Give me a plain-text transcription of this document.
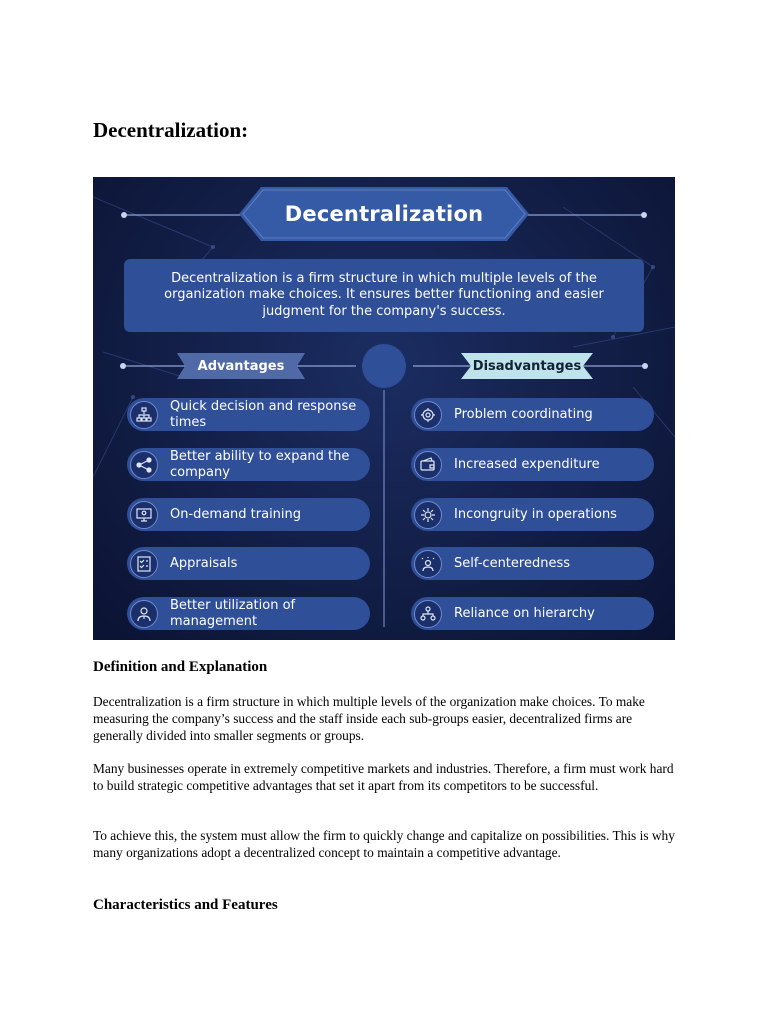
Decentralization:
Decentralization
Decentralization is a firm structure in which multiple levels of the organization make choices. It ensures better functioning and easier judgment for the company's success.
Advantages	Disadvantages
Quick decision and response times
Better ability to expand the company
On-demand training
Appraisals
Better utilization of management
Problem coordinating
Increased expenditure
Incongruity in operations
Self-centeredness
Reliance on hierarchy
Definition and Explanation

Decentralization is a firm structure in which multiple levels of the organization make choices. To make measuring the company’s success and the staff inside each sub-groups easier, decentralized firms are generally divided into smaller segments or groups.

Many businesses operate in extremely competitive markets and industries. Therefore, a firm must work hard to build strategic competitive advantages that set it apart from its competitors to be successful.

To achieve this, the system must allow the firm to quickly change and capitalize on possibilities. This is why many organizations adopt a decentralized concept to maintain a competitive advantage.

Characteristics and Features
